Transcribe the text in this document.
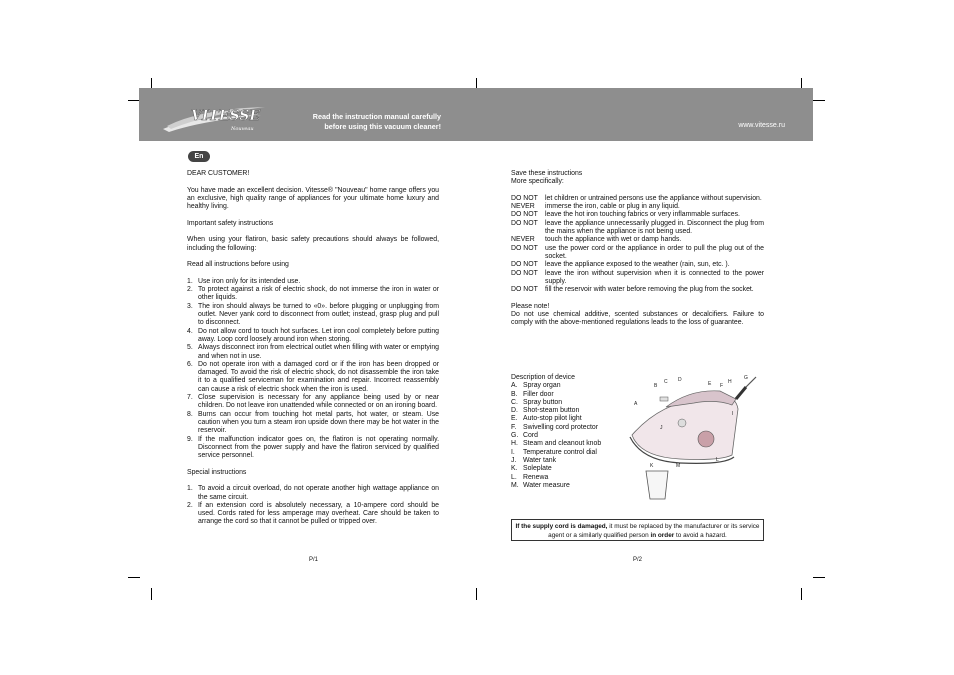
VITESSE
Nouveau
Read the instruction manual carefully
before using this vacuum cleaner!	www.vitesse.ru
En

DEAR CUSTOMER!

You have made an excellent decision. Vitesse® "Nouveau" home range offers you an exclusive, high quality range of appliances for your ultimate home luxury and healthy living.

Important safety instructions

When using your flatiron, basic safety precautions should always be followed, including the following:

Read all instructions before using

1. Use iron only for its intended use.
2. To protect against a risk of electric shock, do not immerse the iron in water or other liquids.
3. The iron should always be turned to «0». before plugging or unplugging from outlet. Never yank cord to disconnect from outlet; instead, grasp plug and pull to disconnect.
4. Do not allow cord to touch hot surfaces. Let iron cool completely before putting away. Loop cord loosely around iron when storing.
5. Always disconnect iron from electrical outlet when filling with water or emptying and when not in use.
6. Do not operate iron with a damaged cord or if the iron has been dropped or damaged. To avoid the risk of electric shock, do not disassemble the iron take it to a qualified serviceman for examination and repair. Incorrect reassembly can cause a risk of electric shock when the iron is used.
7. Close supervision is necessary for any appliance being used by or near children. Do not leave iron unattended while connected or on an ironing board.
8. Burns can occur from touching hot metal parts, hot water, or steam. Use caution when you turn a steam iron upside down there may be hot water in the reservoir.
9. If the malfunction indicator goes on, the flatiron is not operating normally. Disconnect from the power supply and have the flatiron serviced by qualified service personnel.

Special instructions

1. To avoid a circuit overload, do not operate another high wattage appliance on the same circuit.
2. If an extension cord is absolutely necessary, a 10-ampere cord should be used. Cords rated for less amperage may overheat. Care should be taken to arrange the cord so that it cannot be pulled or tripped over.
P/1

Save these instructions

More specifically:

DO NOT	let children or untrained persons use the appliance without supervision.
NEVER	immerse the iron, cable or plug in any liquid.
DO NOT	leave the hot iron touching fabrics or very inflammable surfaces.
DO NOT	leave the appliance unnecessarily plugged in. Disconnect the plug from the mains when the appliance is not being used.
NEVER	touch the appliance with wet or damp hands.
DO NOT	use the power cord or the appliance in order to pull the plug out of the socket.
DO NOT	leave the appliance exposed to the weather (rain, sun, etc. ).
DO NOT	leave the iron without supervision when it is connected to the power supply.
DO NOT	fill the reservoir with water before removing the plug from the socket.

Please note!

Do not use chemical additive, scented substances or decalcifiers. Failure to comply with the above-mentioned regulations leads to the loss of guarantee.

Description of device

A. Spray organ
B. Filler door
C. Spray button
D. Shot-steam button
E. Auto-stop pilot light
F. Swivelling cord protector
G. Cord
H. Steam and cleanout knob
I.	Temperature control dial
J. Water tank
K. Soleplate
L. Renewa
M. Water measure
A
B
C D
E F
G
H
I
J
K
L
M
If the supply cord is damaged, it must be replaced by the manufacturer or its service agent or a similarly qualified person in order to avoid a hazard.
P/2
